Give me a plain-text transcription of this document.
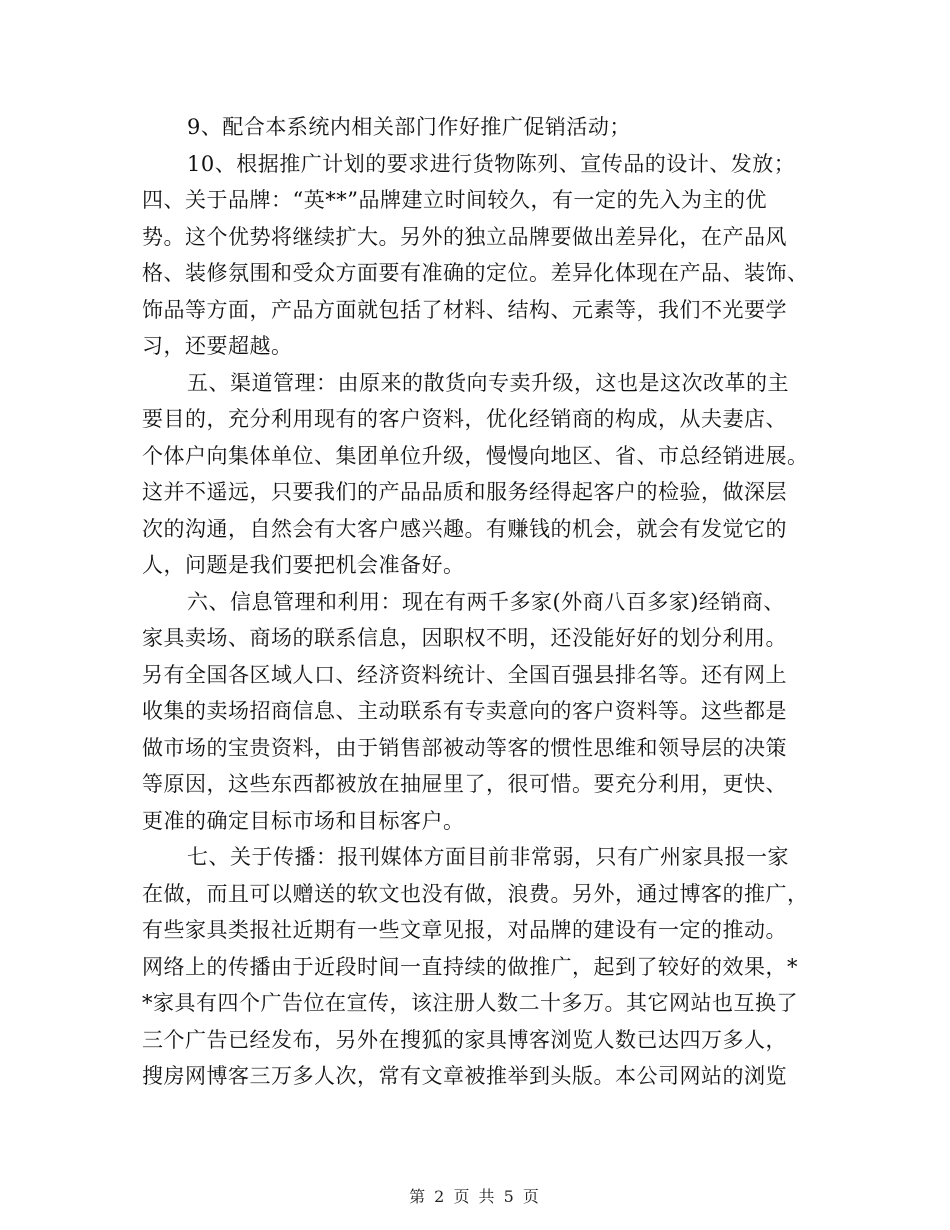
9、配合本系统内相关部门作好推广促销活动；
10、根据推广计划的要求进行货物陈列、宣传品的设计、发放；
四、关于品牌：“英**”品牌建立时间较久，有一定的先入为主的优
势。这个优势将继续扩大。另外的独立品牌要做出差异化，在产品风
格、装修氛围和受众方面要有准确的定位。差异化体现在产品、装饰、
饰品等方面，产品方面就包括了材料、结构、元素等，我们不光要学
习，还要超越。
五、渠道管理：由原来的散货向专卖升级，这也是这次改革的主
要目的，充分利用现有的客户资料，优化经销商的构成，从夫妻店、
个体户向集体单位、集团单位升级，慢慢向地区、省、市总经销进展。
这并不遥远，只要我们的产品品质和服务经得起客户的检验，做深层
次的沟通，自然会有大客户感兴趣。有赚钱的机会，就会有发觉它的
人，问题是我们要把机会准备好。
六、信息管理和利用：现在有两千多家(外商八百多家)经销商、
家具卖场、商场的联系信息，因职权不明，还没能好好的划分利用。
另有全国各区域人口、经济资料统计、全国百强县排名等。还有网上
收集的卖场招商信息、主动联系有专卖意向的客户资料等。这些都是
做市场的宝贵资料，由于销售部被动等客的惯性思维和领导层的决策
等原因，这些东西都被放在抽屉里了，很可惜。要充分利用，更快、
更准的确定目标市场和目标客户。
七、关于传播：报刊媒体方面目前非常弱，只有广州家具报一家
在做，而且可以赠送的软文也没有做，浪费。另外，通过博客的推广，
有些家具类报社近期有一些文章见报，对品牌的建设有一定的推动。
网络上的传播由于近段时间一直持续的做推广，起到了较好的效果，*
*家具有四个广告位在宣传，该注册人数二十多万。其它网站也互换了
三个广告已经发布，另外在搜狐的家具博客浏览人数已达四万多人，
搜房网博客三万多人次，常有文章被推举到头版。本公司网站的浏览
第 2 页 共 5 页
